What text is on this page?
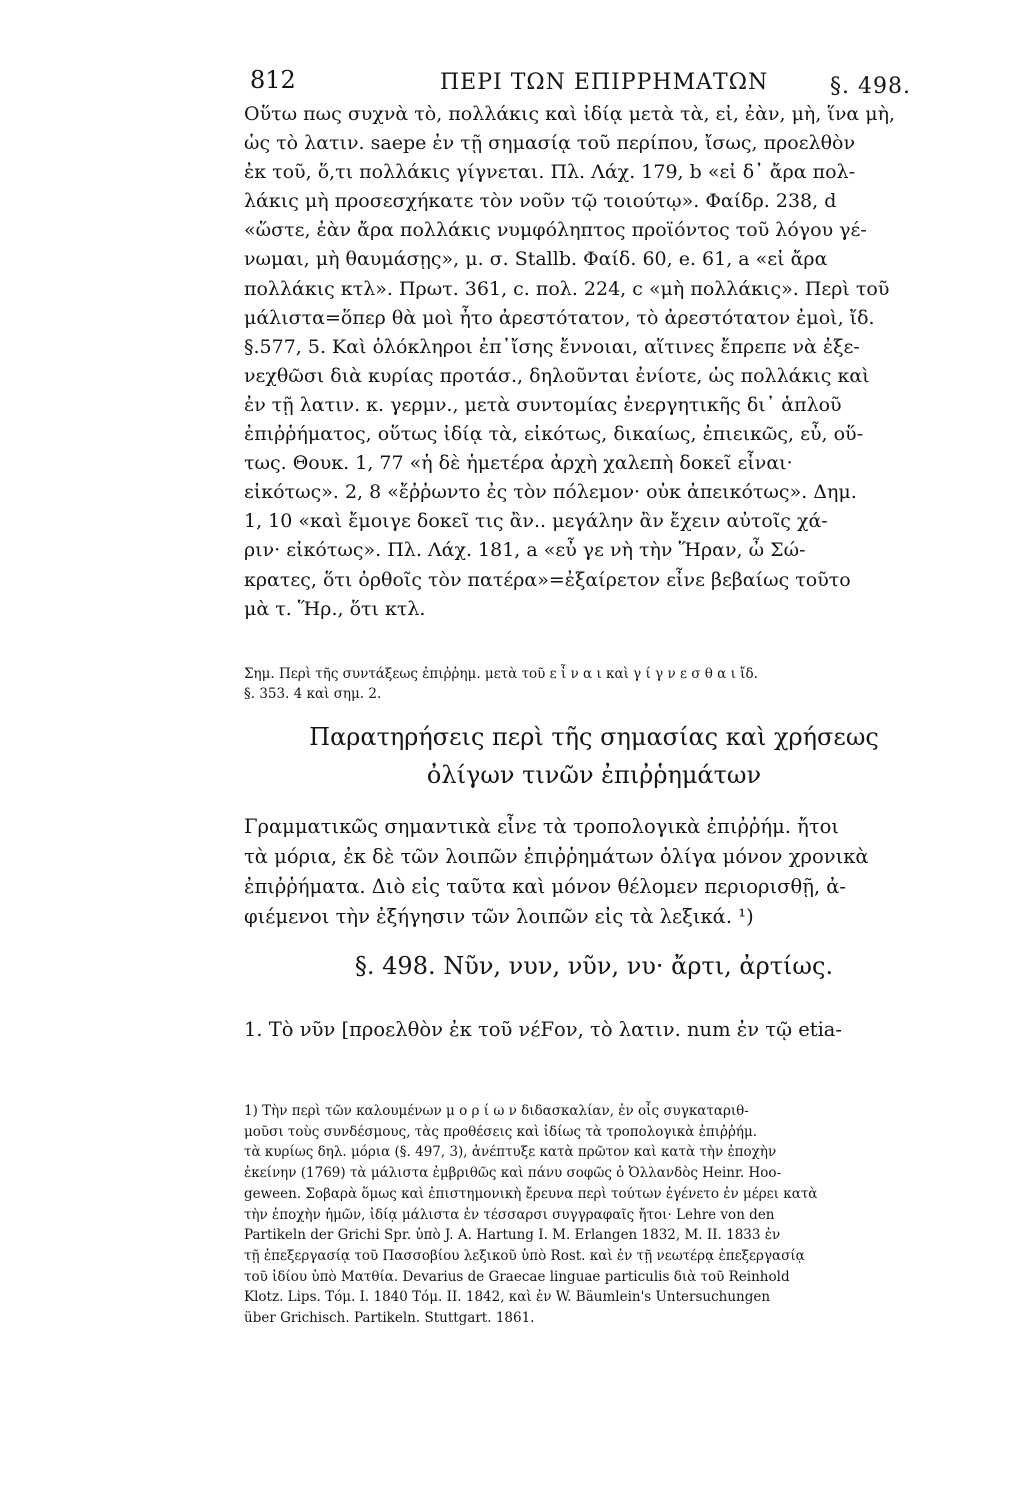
812	ΠΕΡΙ ΤΩΝ ΕΠΙΡΡΗΜΑΤΩΝ	§. 498.
Οὕτω πως συχνὰ τὸ, πολλάκις καὶ ἰδίᾳ μετὰ τὰ, εἰ, ἐὰν, μὴ, ἵνα μὴ,
ὡς τὸ λατιν. saepe ἐν τῇ σημασίᾳ τοῦ περίπου, ἴσως, προελθὸν
ἐκ τοῦ, ὅ,τι πολλάκις γίγνεται. Πλ. Λάχ. 179, b «εἰ δ᾽ ἄρα πολ-
λάκις μὴ προσεσχήκατε τὸν νοῦν τῷ τοιούτῳ». Φαίδρ. 238, d
«ὥστε, ἐὰν ἄρα πολλάκις νυμφόληπτος προϊόντος τοῦ λόγου γέ-
νωμαι, μὴ θαυμάσῃς», μ. σ. Stallb. Φαίδ. 60, e. 61, a «εἰ ἄρα
πολλάκις κτλ». Πρωτ. 361, c. πολ. 224, c «μὴ πολλάκις». Περὶ τοῦ
μάλιστα=ὅπερ θὰ μοὶ ἦτο ἀρεστότατον, τὸ ἀρεστότατον ἐμοὶ, ἴδ.
§.577, 5. Καὶ ὁλόκληροι ἐπ᾽ἴσης ἔννοιαι, αἵτινες ἔπρεπε νὰ ἐξε-
νεχθῶσι διὰ κυρίας προτάσ., δηλοῦνται ἐνίοτε, ὡς πολλάκις καὶ
ἐν τῇ λατιν. κ. γερμν., μετὰ συντομίας ἐνεργητικῆς δι᾽ ἁπλοῦ
ἐπιῤῥήματος, οὕτως ἰδίᾳ τὰ, εἰκότως, δικαίως, ἐπιεικῶς, εὖ, οὕ-
τως. Θουκ. 1, 77 «ἡ δὲ ἡμετέρα ἀρχὴ χαλεπὴ δοκεῖ εἶναι·
εἰκότως». 2, 8 «ἔῤῥωντο ἐς τὸν πόλεμον· οὐκ ἀπεικότως». Δημ.
1, 10 «καὶ ἔμοιγε δοκεῖ τις ἂν.. μεγάλην ἂν ἔχειν αὐτοῖς χά-
ριν· εἰκότως». Πλ. Λάχ. 181, a «εὖ γε νὴ τὴν Ἥραν, ὦ Σώ-
κρατες, ὅτι ὀρθοῖς τὸν πατέρα»=ἐξαίρετον εἶνε βεβαίως τοῦτο
μὰ τ. Ἥρ., ὅτι κτλ.
Σημ. Περὶ τῆς συντάξεως ἐπιῤῥημ. μετὰ τοῦ ε ἶ ν α ι καὶ γ ί γ ν ε σ θ α ι ἴδ.
§. 353. 4 καὶ σημ. 2.
Παρατηρήσεις περὶ τῆς σημασίας καὶ χρήσεως
ὀλίγων τινῶν ἐπιῤῥημάτων
Γραμματικῶς σημαντικὰ εἶνε τὰ τροπολογικὰ ἐπιῤῥήμ. ἤτοι
τὰ μόρια, ἐκ δὲ τῶν λοιπῶν ἐπιῤῥημάτων ὀλίγα μόνον χρονικὰ
ἐπιῤῥήματα. Διὸ εἰς ταῦτα καὶ μόνον θέλομεν περιορισθῇ, ἀ-
φιέμενοι τὴν ἐξήγησιν τῶν λοιπῶν εἰς τὰ λεξικά. ¹)
§. 498. Νῦν, νυν, νῦν, νυ· ἄρτι, ἀρτίως.
1. Τὸ νῦν [προελθὸν ἐκ τοῦ νέFον, τὸ λατιν. num ἐν τῷ etia-
1) Τὴν περὶ τῶν καλουμένων μ ο ρ ί ω ν διδασκαλίαν, ἐν οἷς συγκαταριθ-
μοῦσι τοὺς συνδέσμους, τὰς προθέσεις καὶ ἰδίως τὰ τροπολογικὰ ἐπιῤῥήμ.
τὰ κυρίως δηλ. μόρια (§. 497, 3), ἀνέπτυξε κατὰ πρῶτον καὶ κατὰ τὴν ἐποχὴν
ἐκείνην (1769) τὰ μάλιστα ἐμβριθῶς καὶ πάνυ σοφῶς ὁ Ὀλλανδὸς Heinr. Hoo-
geween. Σοβαρὰ ὅμως καὶ ἐπιστημονικὴ ἔρευνα περὶ τούτων ἐγένετο ἐν μέρει κατὰ
τὴν ἐποχὴν ἡμῶν, ἰδίᾳ μάλιστα ἐν τέσσαρσι συγγραφαῖς ἤτοι· Lehre von den
Partikeln der Grichi Spr. ὑπὸ J. A. Hartung I. M. Erlangen 1832, M. II. 1833 ἐν
τῇ ἐπεξεργασίᾳ τοῦ Πασσοβίου λεξικοῦ ὑπὸ Rost. καὶ ἐν τῇ νεωτέρᾳ ἐπεξεργασίᾳ
τοῦ ἰδίου ὑπὸ Ματθία. Devarius de Graecae linguae particulis διὰ τοῦ Reinhold
Klotz. Lips. Τόμ. I. 1840 Τόμ. II. 1842, καὶ ἐν W. Bäumlein's Untersuchungen
über Grichisch. Partikeln. Stuttgart. 1861.
